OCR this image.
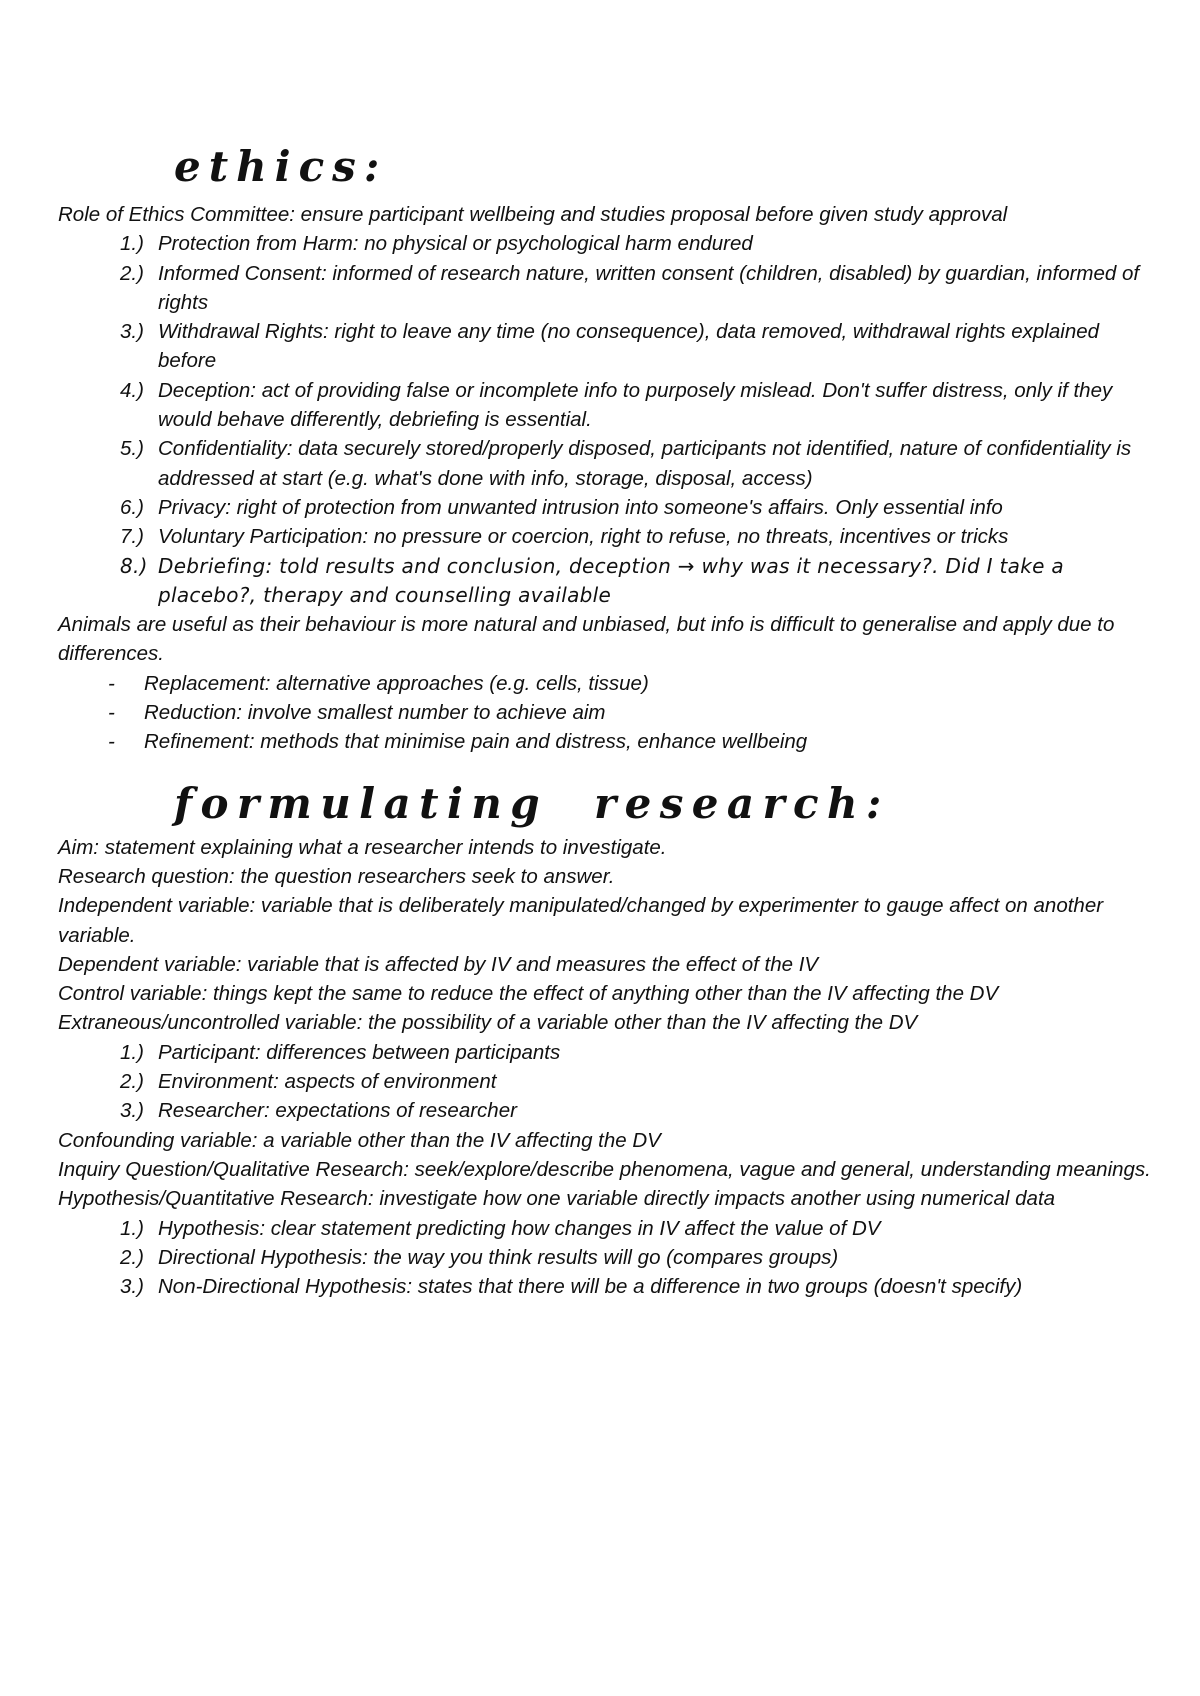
ethics:

Role of Ethics Committee: ensure participant wellbeing and studies proposal before given study approval

1.) Protection from Harm: no physical or psychological harm endured
2.) Informed Consent: informed of research nature, written consent (children, disabled) by guardian, informed of rights
3.) Withdrawal Rights: right to leave any time (no consequence), data removed, withdrawal rights explained before
4.) Deception: act of providing false or incomplete info to purposely mislead. Don't suffer distress, only if they would behave differently, debriefing is essential.
5.) Confidentiality: data securely stored/properly disposed, participants not identified, nature of confidentiality is addressed at start (e.g. what's done with info, storage, disposal, access)
6.) Privacy: right of protection from unwanted intrusion into someone's affairs. Only essential info
7.) Voluntary Participation: no pressure or coercion, right to refuse, no threats, incentives or tricks
8.) Debriefing: told results and conclusion, deception → why was it necessary?. Did I take a placebo?, therapy and counselling available

Animals are useful as their behaviour is more natural and unbiased, but info is difficult to generalise and apply due to differences.

- Replacement: alternative approaches (e.g. cells, tissue)
- Reduction: involve smallest number to achieve aim
- Refinement: methods that minimise pain and distress, enhance wellbeing
formulating  research:

Aim: statement explaining what a researcher intends to investigate.

Research question: the question researchers seek to answer.

Independent variable: variable that is deliberately manipulated/changed by experimenter to gauge affect on another variable.

Dependent variable: variable that is affected by IV and measures the effect of the IV

Control variable: things kept the same to reduce the effect of anything other than the IV affecting the DV

Extraneous/uncontrolled variable: the possibility of a variable other than the IV affecting the DV

1.) Participant: differences between participants
2.) Environment: aspects of environment
3.) Researcher: expectations of researcher

Confounding variable: a variable other than the IV affecting the DV

Inquiry Question/Qualitative Research: seek/explore/describe phenomena, vague and general, understanding meanings.

Hypothesis/Quantitative Research: investigate how one variable directly impacts another using numerical data

1.) Hypothesis: clear statement predicting how changes in IV affect the value of DV
2.) Directional Hypothesis: the way you think results will go (compares groups)
3.) Non-Directional Hypothesis: states that there will be a difference in two groups (doesn't specify)
